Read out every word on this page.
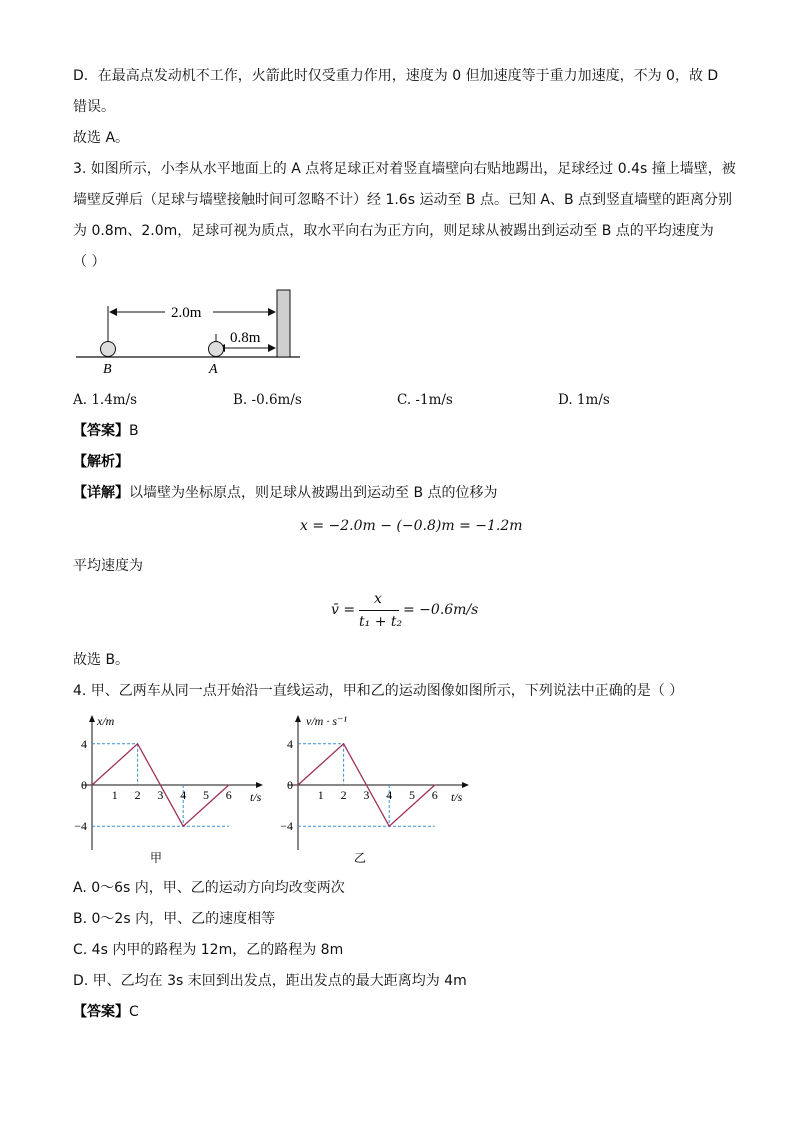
D．在最高点发动机不工作，火箭此时仅受重力作用，速度为 0 但加速度等于重力加速度，不为 0，故 D
错误。
故选 A。
3. 如图所示，小李从水平地面上的 A 点将足球正对着竖直墙壁向右贴地踢出，足球经过 0.4s 撞上墙壁，被
墙壁反弹后（足球与墙壁接触时间可忽略不计）经 1.6s 运动至 B 点。已知 A、B 点到竖直墙壁的距离分别
为 0.8m、2.0m，足球可视为质点，取水平向右为正方向，则足球从被踢出到运动至 B 点的平均速度为
（ ）
2.0m
0.8m
B	A
A. 1.4m/s	B. -0.6m/s	C. -1m/s	D. 1m/s
【答案】B
【解析】
【详解】以墙壁为坐标原点，则足球从被踢出到运动至 B 点的位移为
x = −2.0m − (−0.8)m = −1.2m
平均速度为
v̄ =
x
t₁ + t₂
= −0.6m/s
故选 B。
4. 甲、乙两车从同一点开始沿一直线运动，甲和乙的运动图像如图所示，下列说法中正确的是（ ）
x/m
t/s
甲
4
0
−4
1 2 3 4 5 6
v/m · s⁻¹
t/s
乙
4
0
−4
1 2 3 4 5 6
A. 0～6s 内，甲、乙的运动方向均改变两次
B. 0～2s 内，甲、乙的速度相等
C. 4s 内甲的路程为 12m，乙的路程为 8m
D. 甲、乙均在 3s 末回到出发点，距出发点的最大距离均为 4m
【答案】C
